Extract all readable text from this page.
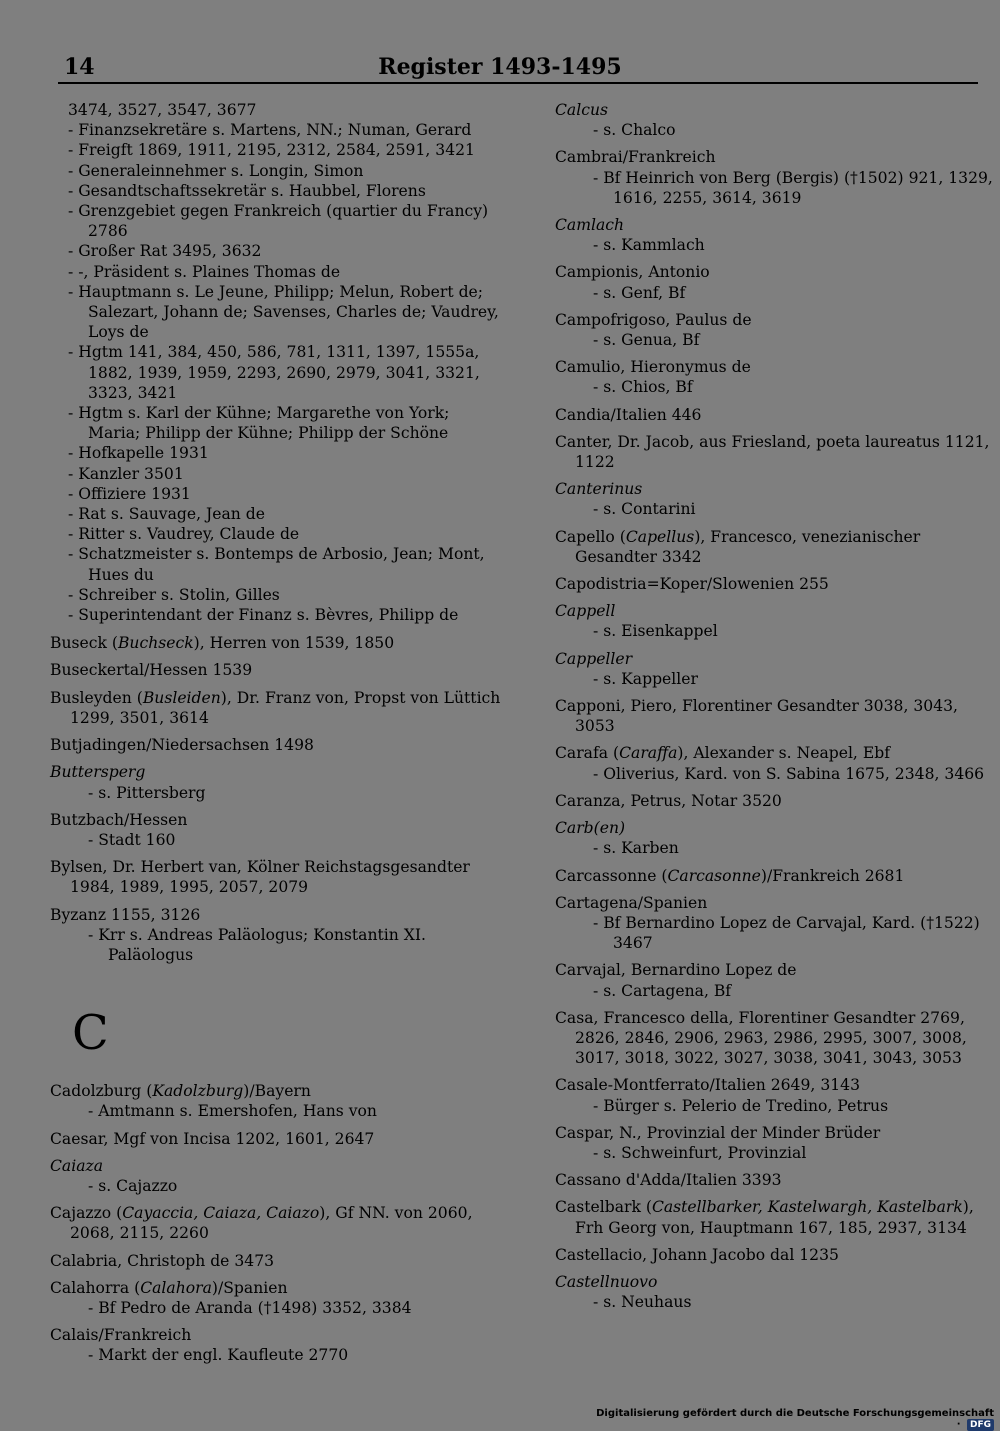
14	Register 1493-1495
3474, 3527, 3547, 3677
- Finanzsekretäre s. Martens, NN.; Numan, Gerard
- Freigft 1869, 1911, 2195, 2312, 2584, 2591, 3421
- Generaleinnehmer s. Longin, Simon
- Gesandtschaftssekretär s. Haubbel, Florens
- Grenzgebiet gegen Frankreich (quartier du Francy) 2786
- Großer Rat 3495, 3632
- -, Präsident s. Plaines Thomas de
- Hauptmann s. Le Jeune, Philipp; Melun, Robert de; Salezart, Johann de; Savenses, Charles de; Vaudrey, Loys de
- Hgtm 141, 384, 450, 586, 781, 1311, 1397, 1555a, 1882, 1939, 1959, 2293, 2690, 2979, 3041, 3321, 3323, 3421
- Hgtm s. Karl der Kühne; Margarethe von York; Maria; Philipp der Kühne; Philipp der Schöne
- Hofkapelle 1931
- Kanzler 3501
- Offiziere 1931
- Rat s. Sauvage, Jean de
- Ritter s. Vaudrey, Claude de
- Schatzmeister s. Bontemps de Arbosio, Jean; Mont, Hues du
- Schreiber s. Stolin, Gilles
- Superintendant der Finanz s. Bèvres, Philipp de
Buseck (Buchseck), Herren von 1539, 1850
Buseckertal/Hessen 1539
Busleyden (Busleiden), Dr. Franz von, Propst von Lüttich 1299, 3501, 3614
Butjadingen/Niedersachsen 1498
Buttersperg
- s. Pittersberg
Butzbach/Hessen
- Stadt 160
Bylsen, Dr. Herbert van, Kölner Reichstagsgesandter 1984, 1989, 1995, 2057, 2079
Byzanz 1155, 3126
- Krr s. Andreas Paläologus; Konstantin XI. Paläologus
C
Cadolzburg (Kadolzburg)/Bayern
- Amtmann s. Emershofen, Hans von
Caesar, Mgf von Incisa 1202, 1601, 2647
Caiaza
- s. Cajazzo
Cajazzo (Cayaccia, Caiaza, Caiazo), Gf NN. von 2060, 2068, 2115, 2260
Calabria, Christoph de 3473
Calahorra (Calahora)/Spanien
- Bf Pedro de Aranda (†1498) 3352, 3384
Calais/Frankreich
- Markt der engl. Kaufleute 2770
Calcus
- s. Chalco
Cambrai/Frankreich
- Bf Heinrich von Berg (Bergis) (†1502) 921, 1329, 1616, 2255, 3614, 3619
Camlach
- s. Kammlach
Campionis, Antonio
- s. Genf, Bf
Campofrigoso, Paulus de
- s. Genua, Bf
Camulio, Hieronymus de
- s. Chios, Bf
Candia/Italien 446
Canter, Dr. Jacob, aus Friesland, poeta laureatus 1121, 1122
Canterinus
- s. Contarini
Capello (Capellus), Francesco, venezianischer Gesandter 3342
Capodistria=Koper/Slowenien 255
Cappell
- s. Eisenkappel
Cappeller
- s. Kappeller
Capponi, Piero, Florentiner Gesandter 3038, 3043, 3053
Carafa (Caraffa), Alexander s. Neapel, Ebf
- Oliverius, Kard. von S. Sabina 1675, 2348, 3466
Caranza, Petrus, Notar 3520
Carb(en)
- s. Karben
Carcassonne (Carcasonne)/Frankreich 2681
Cartagena/Spanien
- Bf Bernardino Lopez de Carvajal, Kard. (†1522) 3467
Carvajal, Bernardino Lopez de
- s. Cartagena, Bf
Casa, Francesco della, Florentiner Gesandter 2769, 2826, 2846, 2906, 2963, 2986, 2995, 3007, 3008, 3017, 3018, 3022, 3027, 3038, 3041, 3043, 3053
Casale-Montferrato/Italien 2649, 3143
- Bürger s. Pelerio de Tredino, Petrus
Caspar, N., Provinzial der Minder Brüder
- s. Schweinfurt, Provinzial
Cassano d'Adda/Italien 3393
Castelbark (Castellbarker, Kastelwargh, Kastelbark), Frh Georg von, Hauptmann 167, 185, 2937, 3134
Castellacio, Johann Jacobo dal 1235
Castellnuovo
- s. Neuhaus
Digitalisierung gefördert durch die Deutsche Forschungsgemeinschaft · DFG
